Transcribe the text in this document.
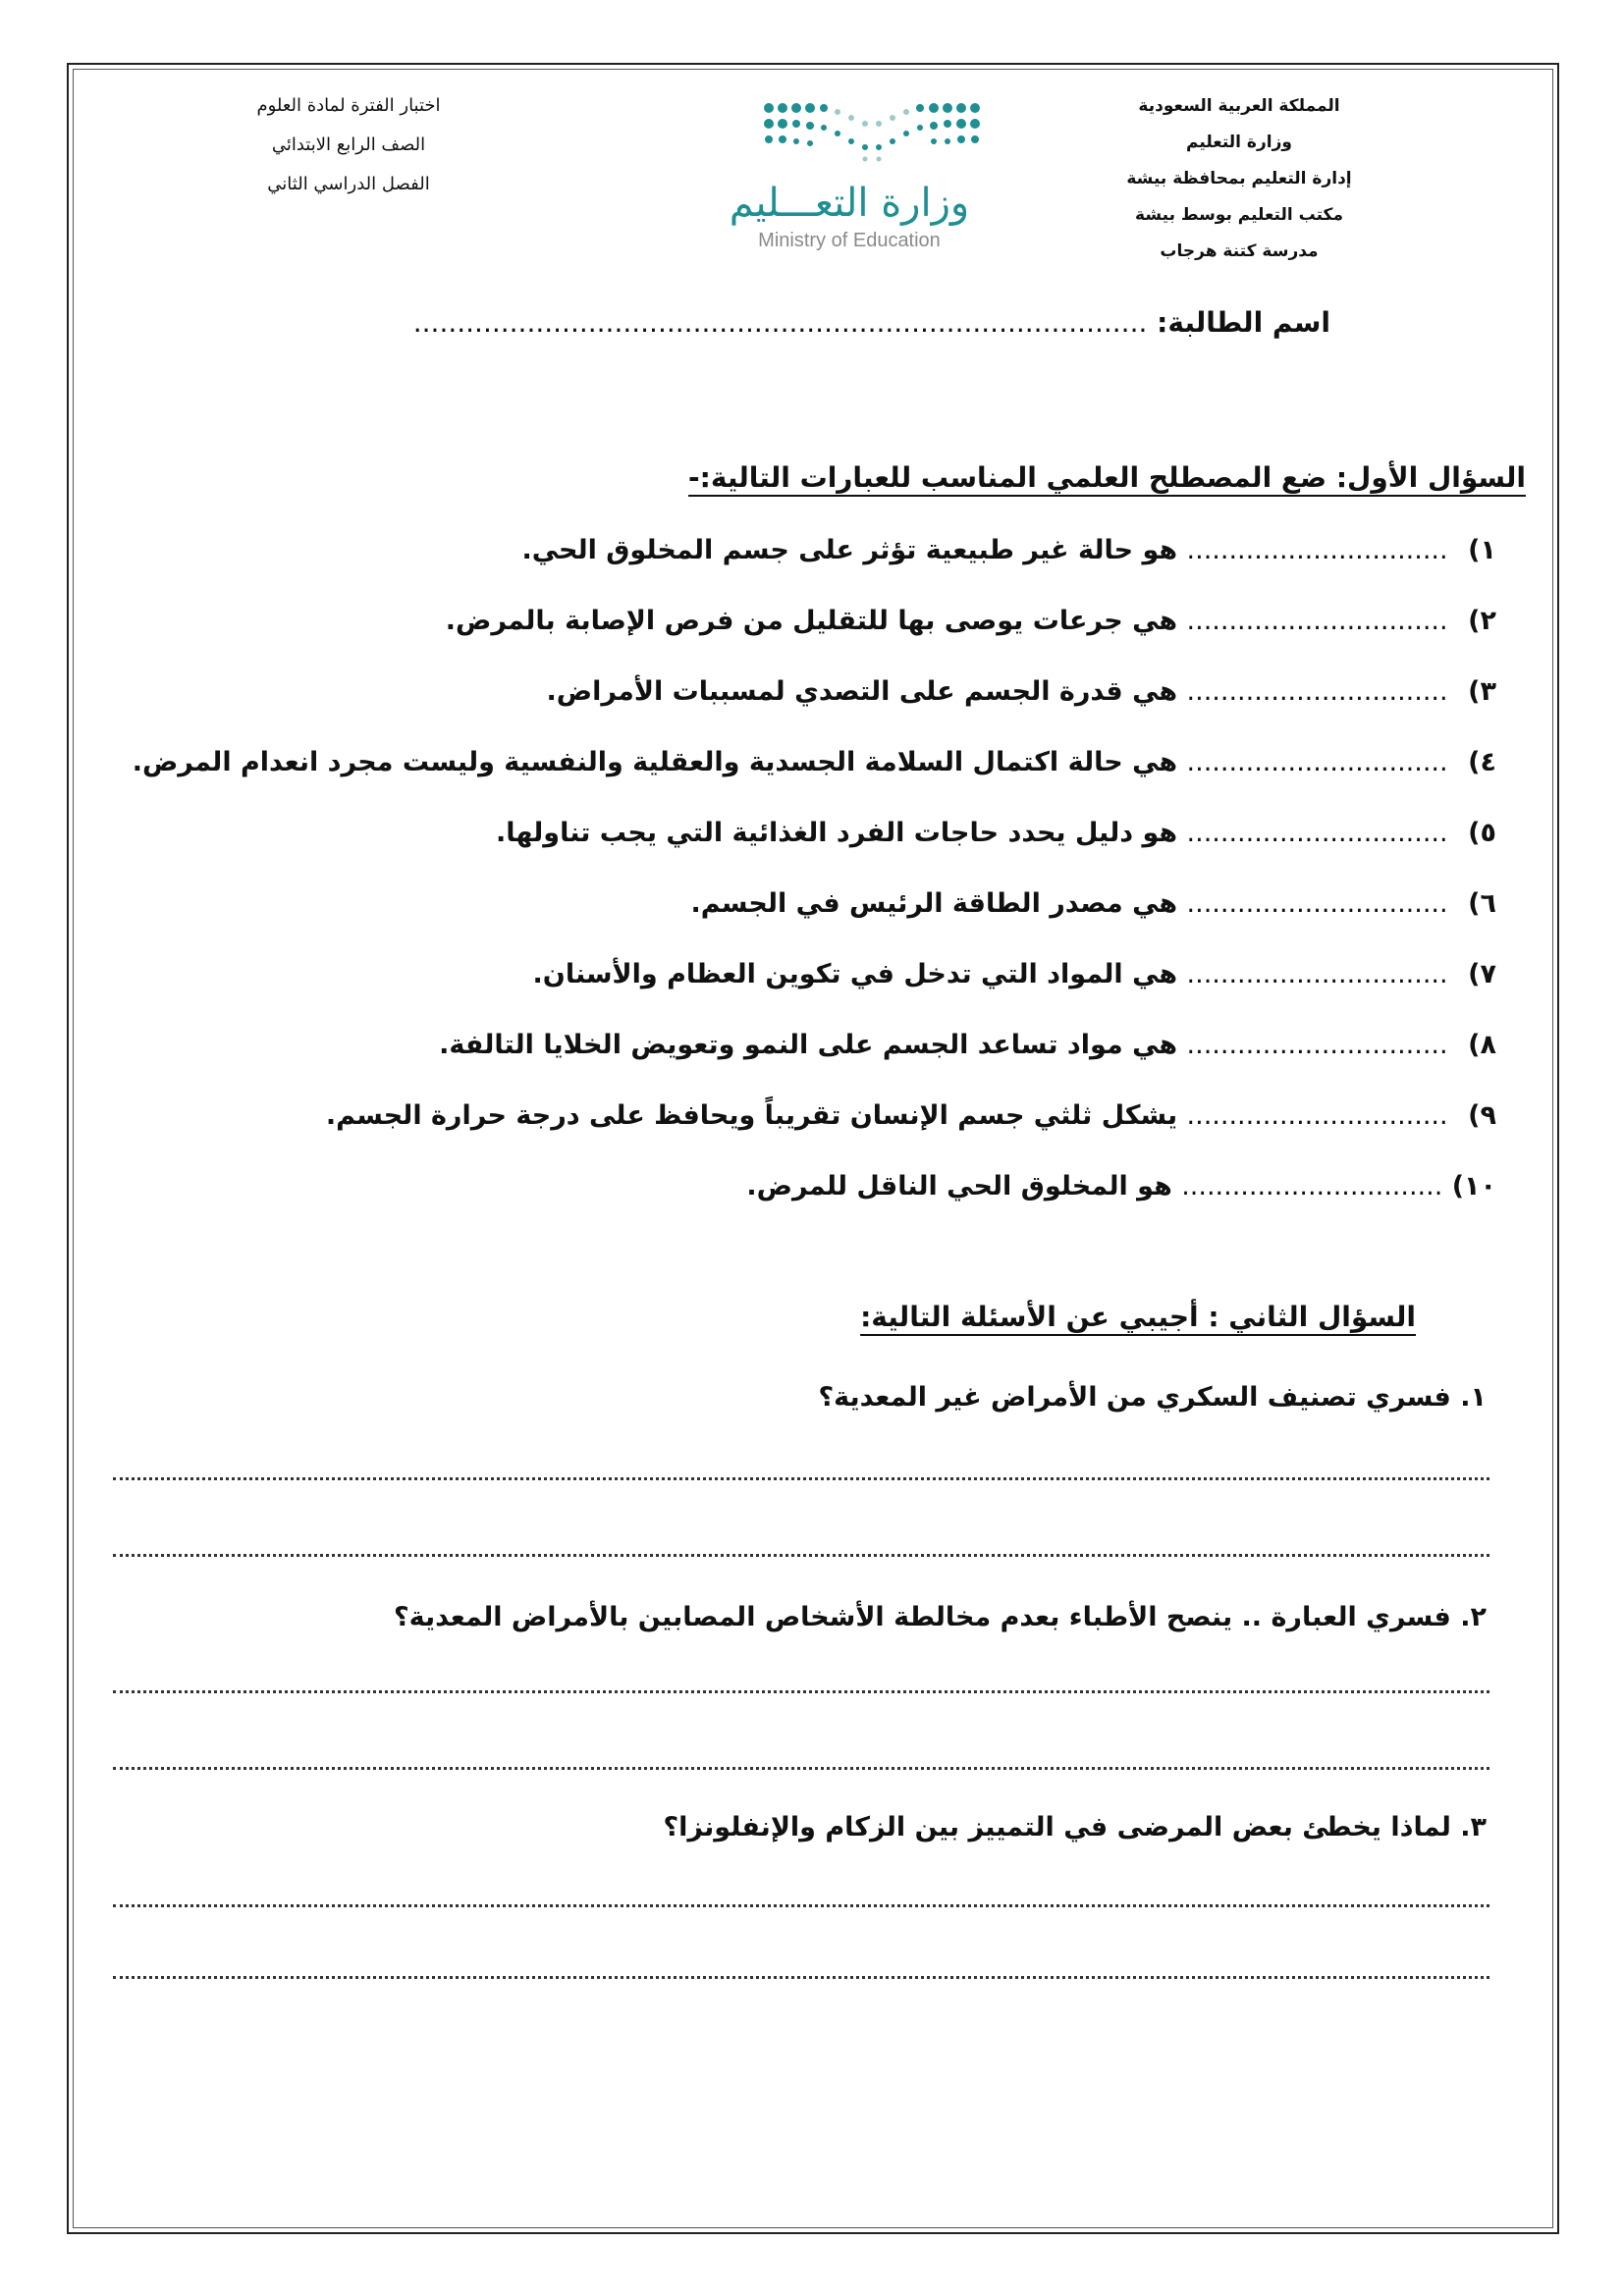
المملكة العربية السعودية
وزارة التعليم
إدارة التعليم بمحافظة بيشة
مكتب التعليم بوسط بيشة
مدرسة كتنة هرجاب
وزارة التعـــليم
Ministry of Education
اختبار الفترة لمادة العلوم
الصف الرابع الابتدائي
الفصل الدراسي الثاني
اسم الطالبة: ....................................................................................
السؤال الأول: ضع المصطلح العلمي المناسب للعبارات التالية:-
١) ............................... هو حالة غير طبيعية تؤثر على جسم المخلوق الحي.
٢) ............................... هي جرعات يوصى بها للتقليل من فرص الإصابة بالمرض.
٣) ............................... هي قدرة الجسم على التصدي لمسببات الأمراض.
٤) ............................... هي حالة اكتمال السلامة الجسدية والعقلية والنفسية وليست مجرد انعدام المرض.
٥) ............................... هو دليل يحدد حاجات الفرد الغذائية التي يجب تناولها.
٦) ............................... هي مصدر الطاقة الرئيس في الجسم.
٧) ............................... هي المواد التي تدخل في تكوين العظام والأسنان.
٨) ............................... هي مواد تساعد الجسم على النمو وتعويض الخلايا التالفة.
٩) ............................... يشكل ثلثي جسم الإنسان تقريباً ويحافظ على درجة حرارة الجسم.
١٠) ............................... هو المخلوق الحي الناقل للمرض.
السؤال الثاني : أجيبي عن الأسئلة التالية:
١. فسري تصنيف السكري من الأمراض غير المعدية؟
٢. فسري العبارة .. ينصح الأطباء بعدم مخالطة الأشخاص المصابين بالأمراض المعدية؟
٣. لماذا يخطئ بعض المرضى في التمييز بين الزكام والإنفلونزا؟
